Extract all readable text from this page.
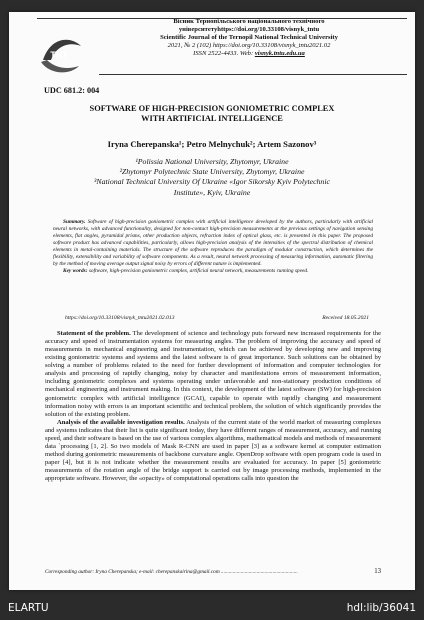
ТНТ
Вісник Тернопільського національного технічного
університетуhttps://doi.org/10.33108/visnyk_tntu
Scientific Journal of the Ternopil National Technical University
2021, № 2 (102) https://doi.org/10.33108/visnyk_tntu2021.02
ISSN 2522-4433. Web: visnyk.tntu.edu.ua
UDC 681.2: 004
SOFTWARE OF HIGH-PRECISION GONIOMETRIC COMPLEX
WITH ARTIFICIAL INTELLIGENCE
Iryna Cherepanska¹; Petro Melnychuk²; Artem Sazonov³
¹Polissia National University, Zhytomyr, Ukraine
²Zhytomyr Polytechnic State University, Zhytomyr, Ukraine
³National Technical University Of Ukraine «Igor Sikorsky Kyiv Polytechnic
Institute», Kyiv, Ukraine
Summary. Software of high-precision goniometric complex with artificial intelligence developed by the authors, particularly with artificial neural networks, with advanced functionality, designed for non-contact high-precision measurements at the previous settings of navigation sensing elements, flat angles, pyramidal prisms, other production objects, refraction index of optical glass, etc. is presented in this paper. The proposed software product has advanced capabilities, particularly, allows high-precision analysis of the intensities of the spectral distribution of chemical elements in metal-containing materials. The structure of the software reproduces the paradigm of modular construction, which determines the flexibility, extensibility and variability of software components. As a result, neural network processing of measuring information, automatic filtering by the method of moving average output signal noisy by errors of different nature is implemented.
Key words: software, high-precision goniometric complex, artificial neural network, measurements running speed.
https://doi.org/10.33108/visnyk_tntu2021.02.013	Received 18.05.2021

Statement of the problem. The development of science and technology puts forward new increased requirements for the accuracy and speed of instrumentation systems for measuring angles. The problem of improving the accuracy and speed of measurements in mechanical engineering and instrumentation, which can be achieved by developing new and improving existing goniometric systems and systems and the latest software is of great importance. Such solutions can be obtained by solving a number of problems related to the need for further development of information and computer technologies for analysis and processing of rapidly changing, noisy by character and manifestations errors of measurement information, including goniometric complexes and systems operating under unfavorable and non-stationary production conditions of mechanical engineering and instrument making. In this context, the development of the latest software (SW) for high-precision goniometric complex with artificial intelligence (GCAI), capable to operate with rapidly changing and measurement information noisy with errors is an important scientific and technical problem, the solution of which significantly provides the solution of the existing problem.

Analysis of the available investigation results. Analysis of the current state of the world market of measuring complexes and systems indicates that their list is quite significant today, they have different ranges of measurement, accuracy, and running speed, and their software is based on the use of various complex algorithms, mathematical models and methods of measurement data `processing [1, 2]. So two models of Mask R-CNN are used in paper [3] as a software kernel at computer estimation method during goniometric measurements of backbone curvature angle. OpenDrop software with open program code is used in paper [4], but it is not indicate whether the measurement results are evaluated for accuracy. In paper [5] goniometric measurements of the rotation angle of the bridge support is carried out by image processing methods, implemented in the appropriate software. However, the «opacity» of computational operations calls into question the

Corresponding author: Iryna Cherepanska; e-mail: cherepanskairina@gmail.com ..........................................................	13
ELARTU	hdl:lib/36041
